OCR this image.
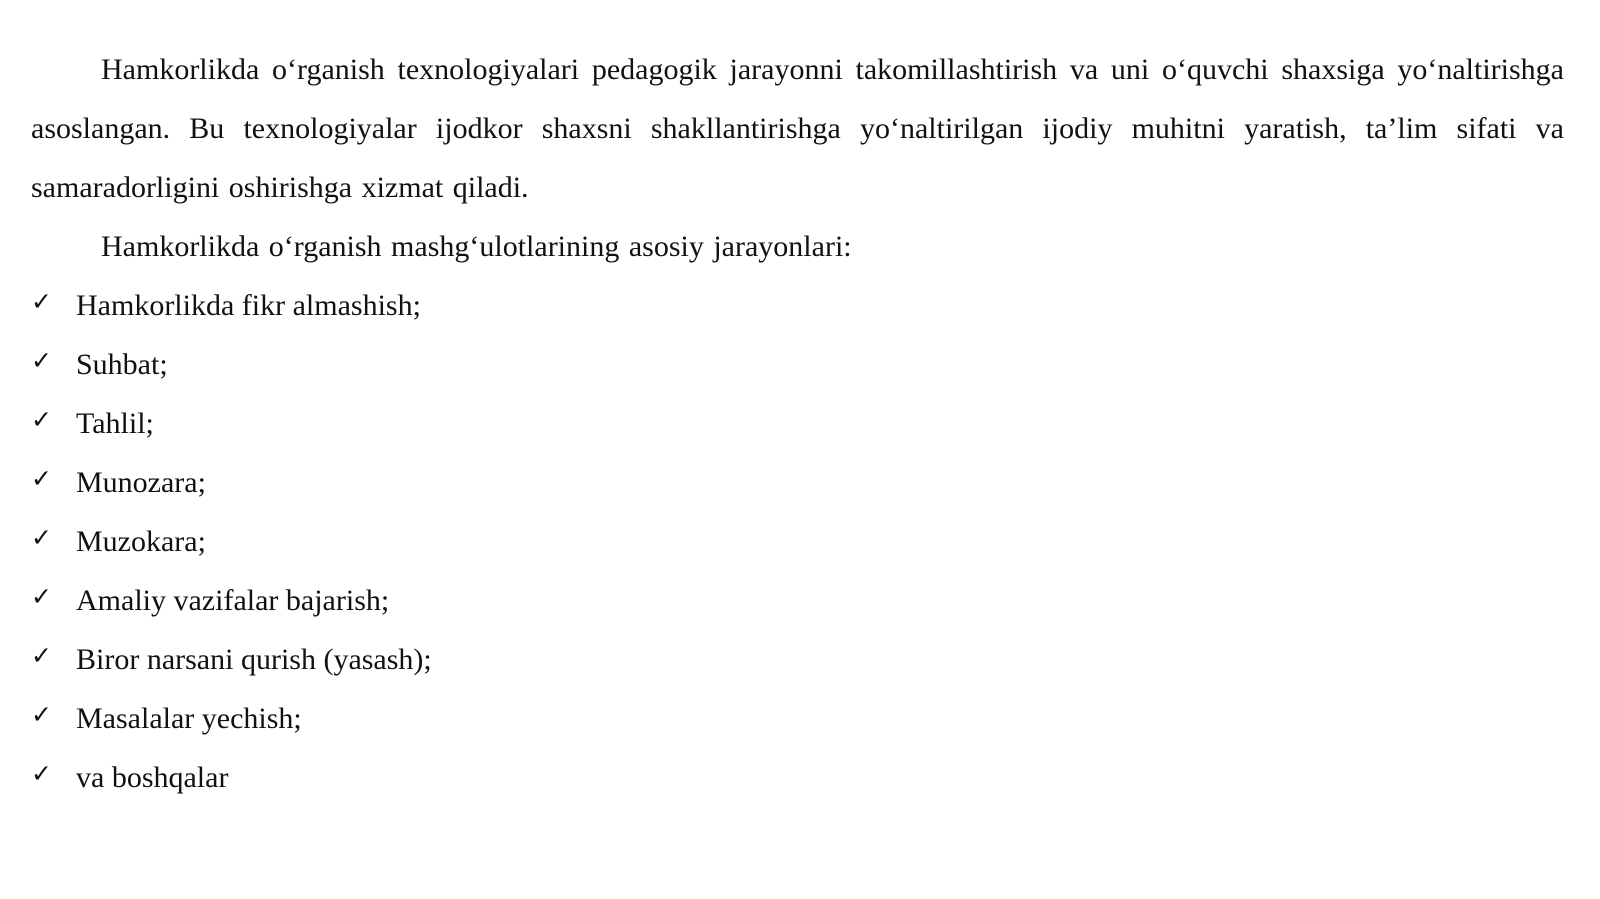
Hamkorlikda o‘rganish texnologiyalari pedagogik jarayonni takomillashtirish va uni o‘quvchi shaxsiga yo‘naltirishga asoslangan. Bu texnologiyalar ijodkor shaxsni shakllantirishga yo‘naltirilgan ijodiy muhitni yaratish, ta’lim sifati va samaradorligini oshirishga xizmat qiladi.

Hamkorlikda o‘rganish mashg‘ulotlarining asosiy jarayonlari:

✓ Hamkorlikda fikr almashish;
✓ Suhbat;
✓ Tahlil;
✓ Munozara;
✓ Muzokara;
✓ Amaliy vazifalar bajarish;
✓ Biror narsani qurish (yasash);
✓ Masalalar yechish;
✓ va boshqalar
